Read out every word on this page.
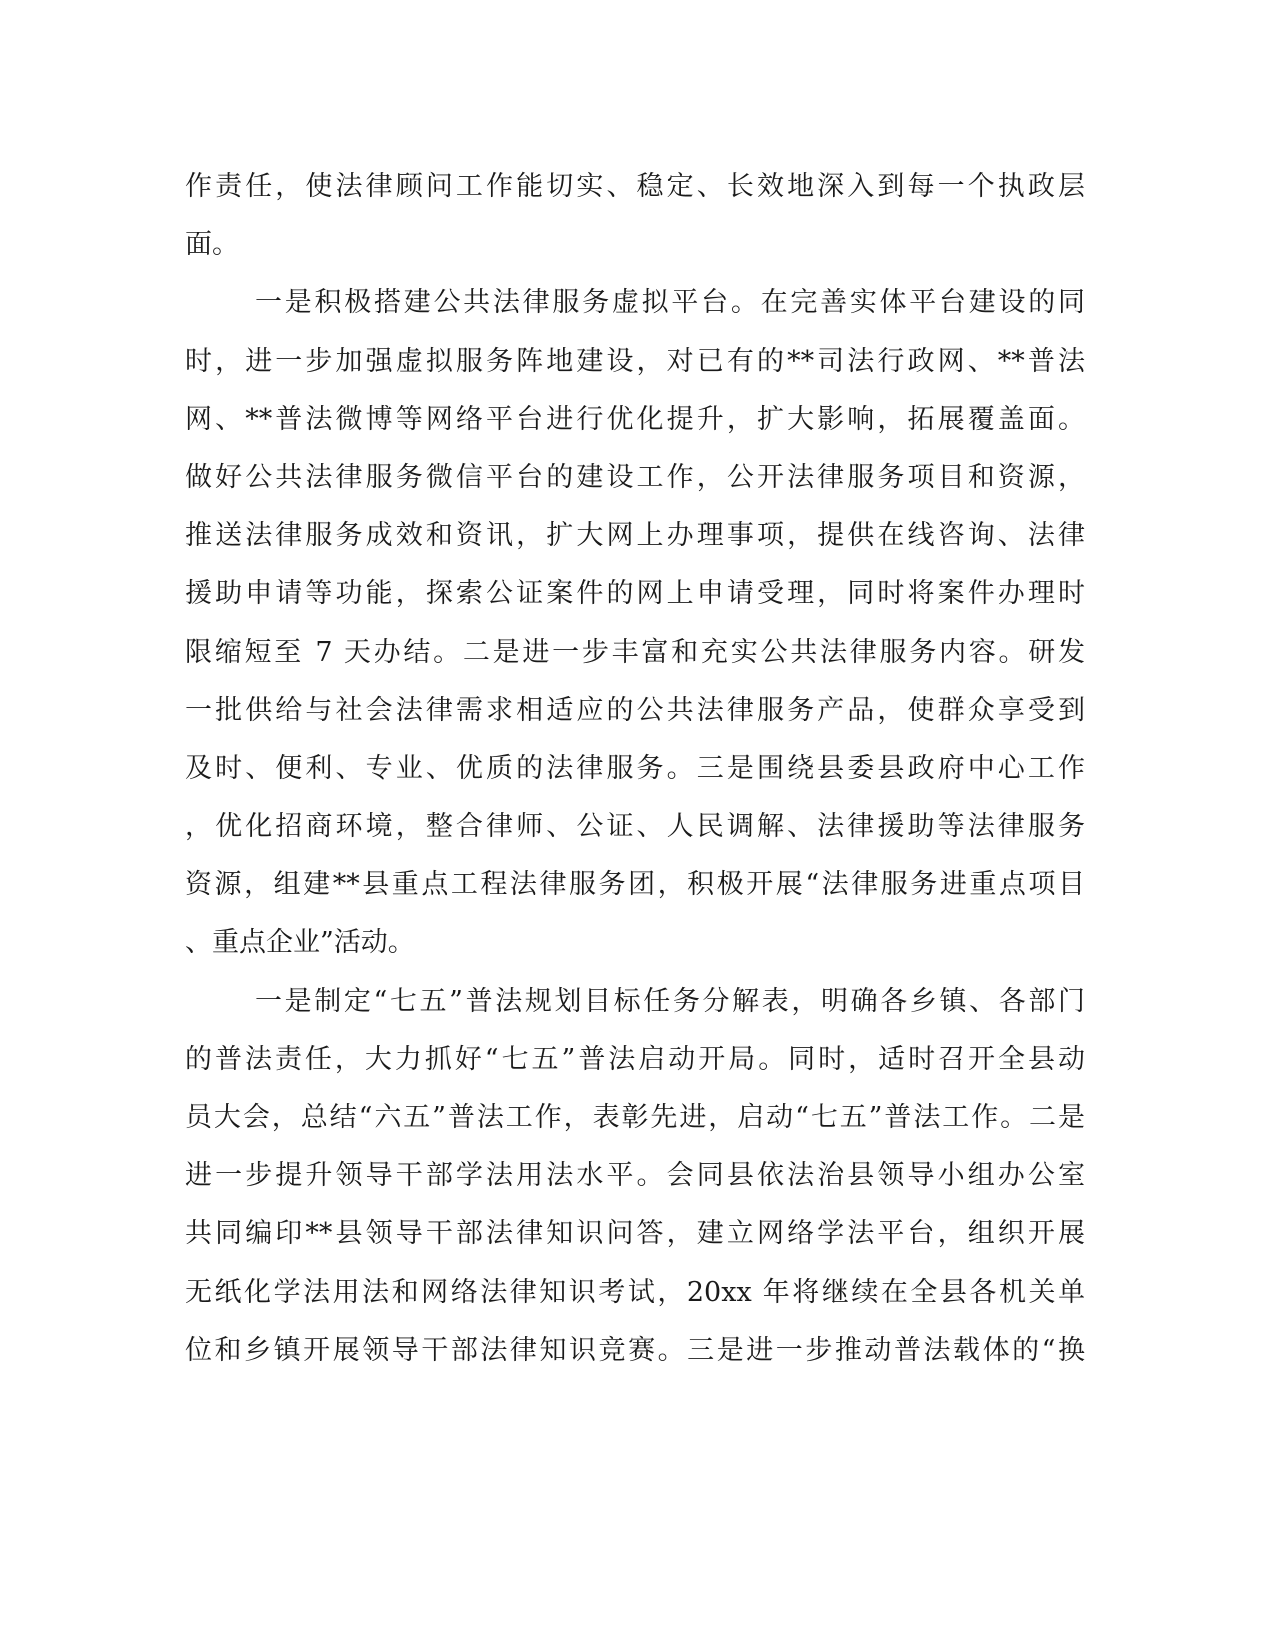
作责任，使法律顾问工作能切实、稳定、长效地深入到每一个执政层
面。
一是积极搭建公共法律服务虚拟平台。在完善实体平台建设的同
时，进一步加强虚拟服务阵地建设，对已有的**司法行政网、**普法
网、**普法微博等网络平台进行优化提升，扩大影响，拓展覆盖面。
做好公共法律服务微信平台的建设工作，公开法律服务项目和资源，
推送法律服务成效和资讯，扩大网上办理事项，提供在线咨询、法律
援助申请等功能，探索公证案件的网上申请受理，同时将案件办理时
限缩短至 7 天办结。二是进一步丰富和充实公共法律服务内容。研发
一批供给与社会法律需求相适应的公共法律服务产品，使群众享受到
及时、便利、专业、优质的法律服务。三是围绕县委县政府中心工作
，优化招商环境，整合律师、公证、人民调解、法律援助等法律服务
资源，组建**县重点工程法律服务团，积极开展“法律服务进重点项目
、重点企业”活动。
一是制定“七五”普法规划目标任务分解表，明确各乡镇、各部门
的普法责任，大力抓好“七五”普法启动开局。同时，适时召开全县动
员大会，总结“六五”普法工作，表彰先进，启动“七五”普法工作。二是
进一步提升领导干部学法用法水平。会同县依法治县领导小组办公室
共同编印**县领导干部法律知识问答，建立网络学法平台，组织开展
无纸化学法用法和网络法律知识考试，20xx 年将继续在全县各机关单
位和乡镇开展领导干部法律知识竞赛。三是进一步推动普法载体的“换
